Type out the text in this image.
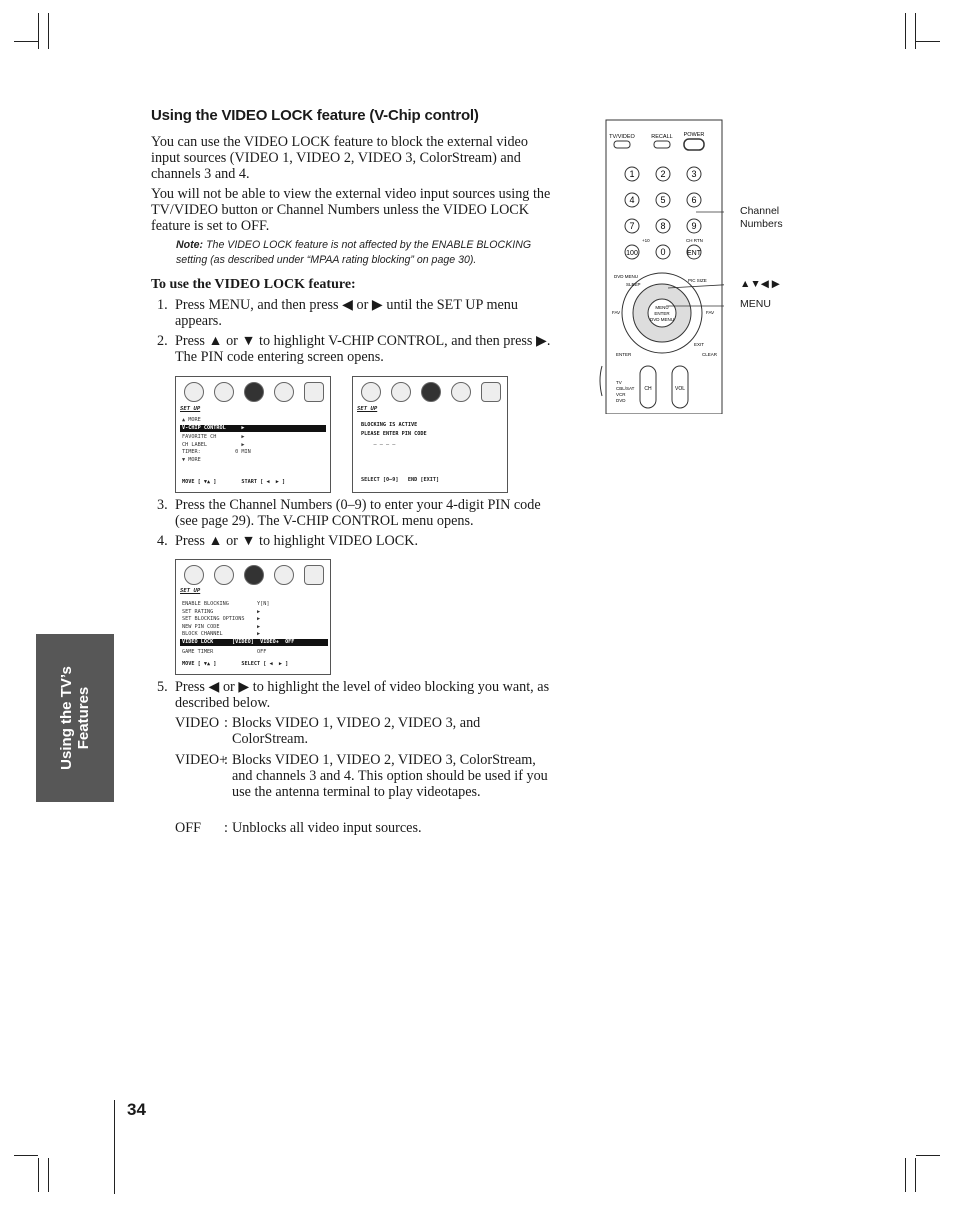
Using the VIDEO LOCK feature (V-Chip control)

You can use the VIDEO LOCK feature to block the external video input sources (VIDEO 1, VIDEO 2, VIDEO 3, ColorStream) and channels 3 and 4.

You will not be able to view the external video input sources using the TV/VIDEO button or Channel Numbers unless the VIDEO LOCK feature is set to OFF.

Note: The VIDEO LOCK feature is not affected by the ENABLE BLOCKING setting (as described under “MPAA rating blocking” on page 30).

To use the VIDEO LOCK feature:
1. Press MENU, and then press ◀ or ▶ until the SET UP menu appears.
2. Press ▲ or ▼ to highlight V-CHIP CONTROL, and then press ▶. The PIN code entering screen opens.
SET UP
▲ MORE
V-CHIP CONTROL     ▶
FAVORITE CH        ▶
CH LABEL           ▶
TIMER:           0 MIN
▼ MORE
MOVE [ ▼▲ ]        START [ ◀  ▶ ]
SET UP
BLOCKING IS ACTIVE
PLEASE ENTER PIN CODE
— — — —
SELECT [0–9]   END [EXIT]
3. Press the Channel Numbers (0–9) to enter your 4-digit PIN code (see page 29). The V-CHIP CONTROL menu opens.
4. Press ▲ or ▼ to highlight VIDEO LOCK.
SET UP
ENABLE BLOCKING         Y[N]
SET RATING              ▶
SET BLOCKING OPTIONS    ▶
NEW PIN CODE            ▶
BLOCK CHANNEL           ▶
VIDEO LOCK      [VIDEO]  VIDEO+  OFF
GAME TIMER              OFF
MOVE [ ▼▲ ]        SELECT [ ◀  ▶ ]
5. Press ◀ or ▶ to highlight the level of video blocking you want, as described below.
VIDEO : Blocks VIDEO 1, VIDEO 2, VIDEO 3, and ColorStream.
VIDEO+ : Blocks VIDEO 1, VIDEO 2, VIDEO 3, ColorStream, and channels 3 and 4. This option should be used if you use the antenna terminal to play videotapes.
OFF : Unblocks all video input sources.
TV/VIDEO	RECALL POWER
1	2	3
4	5	6
7	8	9
100	0	ENT
+10	CH RTN
DVD MENU
SLEEP
PIC SIZE
FAV	FAV
ENTER
EXIT
CLEAR
MENU
ENTER
DVD MENU
TV
CBL/SAT
VCR
DVD
CH	VOL
Channel Numbers
▲▼◀ ▶
MENU
Using the TV’s Features
34
